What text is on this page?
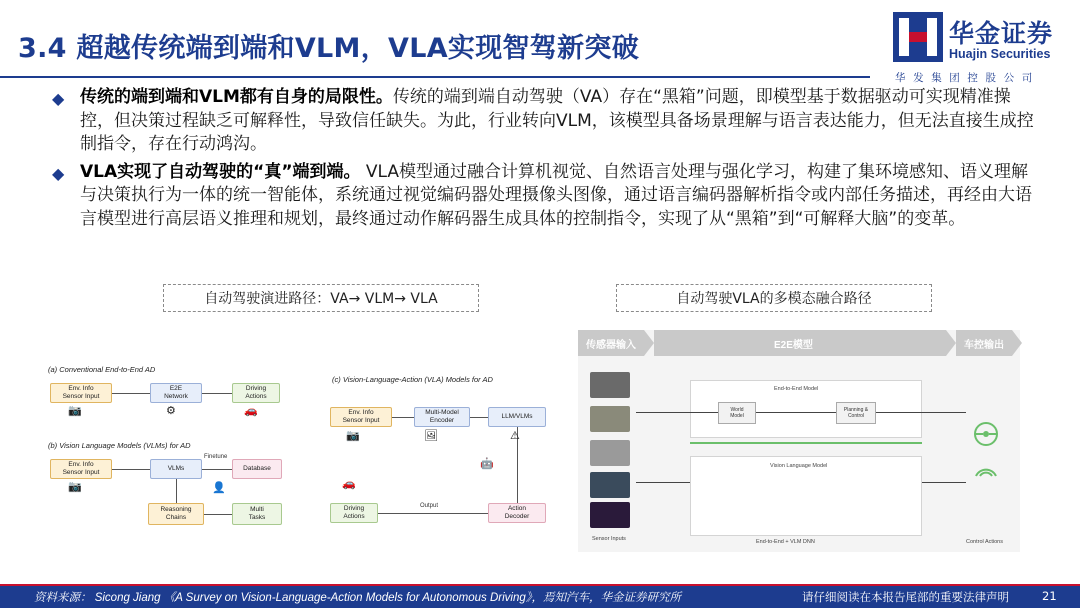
3.4 超越传统端到端和VLM，VLA实现智驾新突破	华金证券
Huajin Securities
华发集团控股公司
◆ 传统的端到端和VLM都有自身的局限性。传统的端到端自动驾驶（VA）存在“黑箱”问题，即模型基于数据驱动可实现精准操控，但决策过程缺乏可解释性，导致信任缺失。为此，行业转向VLM，该模型具备场景理解与语言表达能力，但无法直接生成控制指令，存在行动鸿沟。
◆ VLA实现了自动驾驶的“真”端到端。 VLA模型通过融合计算机视觉、自然语言处理与强化学习，构建了集环境感知、语义理解与决策执行为一体的统一智能体，系统通过视觉编码器处理摄像头图像，通过语言编码器解析指令或内部任务描述，再经由大语言模型进行高层语义推理和规划，最终通过动作解码器生成具体的控制指令，实现了从“黑箱”到“可解释大脑”的变革。
自动驾驶演进路径：VA→ VLM→ VLA	自动驾驶VLA的多模态融合路径
(a) Conventional End-to-End AD
Env. Info
Sensor Input
E2E
Network
Driving
Actions
📷	⚙	🚗
(b) Vision Language Models (VLMs) for AD
Env. Info
Sensor Input
VLMs
Finetune
Database
Reasoning
Chains
Multi
Tasks
📷	👤
(c) Vision-Language-Action (VLA) Models for AD
Env. Info
Sensor Input
Multi-Model
Encoder
LLM/VLMs
Driving
Actions
Output	Action
Decoder
📷	🖼	⚠
🚗
🤖
传感器输入	E2E模型	车控输出
Sensor Inputs
End-to-End Model
World
Model
Planning &
Control
Vision Language Model
End-to-End + VLM DNN	Control Actions
资料来源： Sicong Jiang 《A Survey on Vision-Language-Action Models for Autonomous Driving》，焉知汽车，华金证券研究所	请仔细阅读在本报告尾部的重要法律声明	21
